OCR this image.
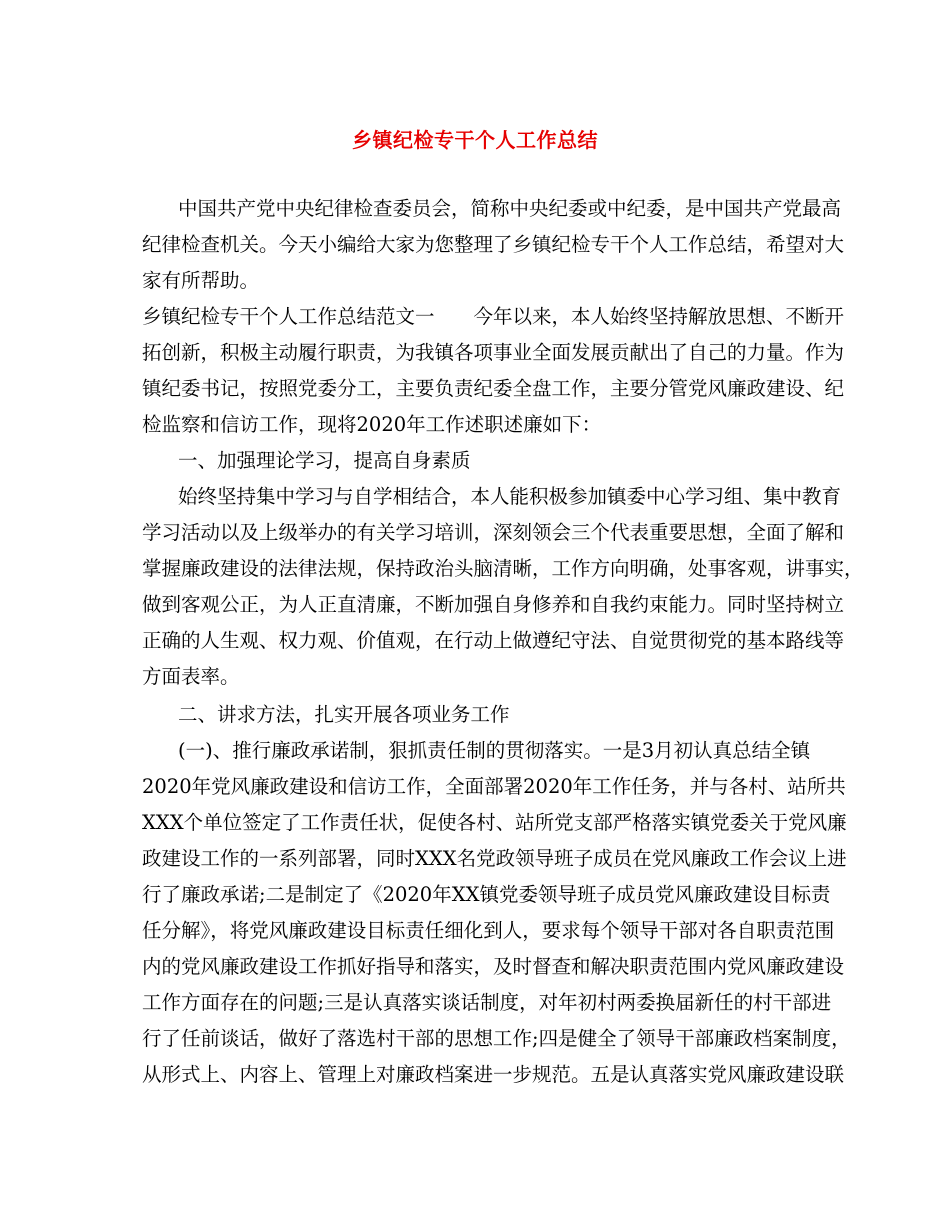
乡镇纪检专干个人工作总结
中国共产党中央纪律检查委员会，简称中央纪委或中纪委，是中国共产党最高
纪律检查机关。今天小编给大家为您整理了乡镇纪检专干个人工作总结，希望对大
家有所帮助。
乡镇纪检专干个人工作总结范文一　　今年以来，本人始终坚持解放思想、不断开
拓创新，积极主动履行职责，为我镇各项事业全面发展贡献出了自己的力量。作为
镇纪委书记，按照党委分工，主要负责纪委全盘工作，主要分管党风廉政建设、纪
检监察和信访工作，现将2020年工作述职述廉如下：
一、加强理论学习，提高自身素质
始终坚持集中学习与自学相结合，本人能积极参加镇委中心学习组、集中教育
学习活动以及上级举办的有关学习培训，深刻领会三个代表重要思想，全面了解和
掌握廉政建设的法律法规，保持政治头脑清晰，工作方向明确，处事客观，讲事实，
做到客观公正，为人正直清廉，不断加强自身修养和自我约束能力。同时坚持树立
正确的人生观、权力观、价值观，在行动上做遵纪守法、自觉贯彻党的基本路线等
方面表率。
二、讲求方法，扎实开展各项业务工作
(一)、推行廉政承诺制，狠抓责任制的贯彻落实。一是3月初认真总结全镇
2020年党风廉政建设和信访工作，全面部署2020年工作任务，并与各村、站所共
XXX个单位签定了工作责任状，促使各村、站所党支部严格落实镇党委关于党风廉
政建设工作的一系列部署，同时XXX名党政领导班子成员在党风廉政工作会议上进
行了廉政承诺;二是制定了《2020年XX镇党委领导班子成员党风廉政建设目标责
任分解》，将党风廉政建设目标责任细化到人，要求每个领导干部对各自职责范围
内的党风廉政建设工作抓好指导和落实，及时督查和解决职责范围内党风廉政建设
工作方面存在的问题;三是认真落实谈话制度，对年初村两委换届新任的村干部进
行了任前谈话，做好了落选村干部的思想工作;四是健全了领导干部廉政档案制度，
从形式上、内容上、管理上对廉政档案进一步规范。五是认真落实党风廉政建设联
